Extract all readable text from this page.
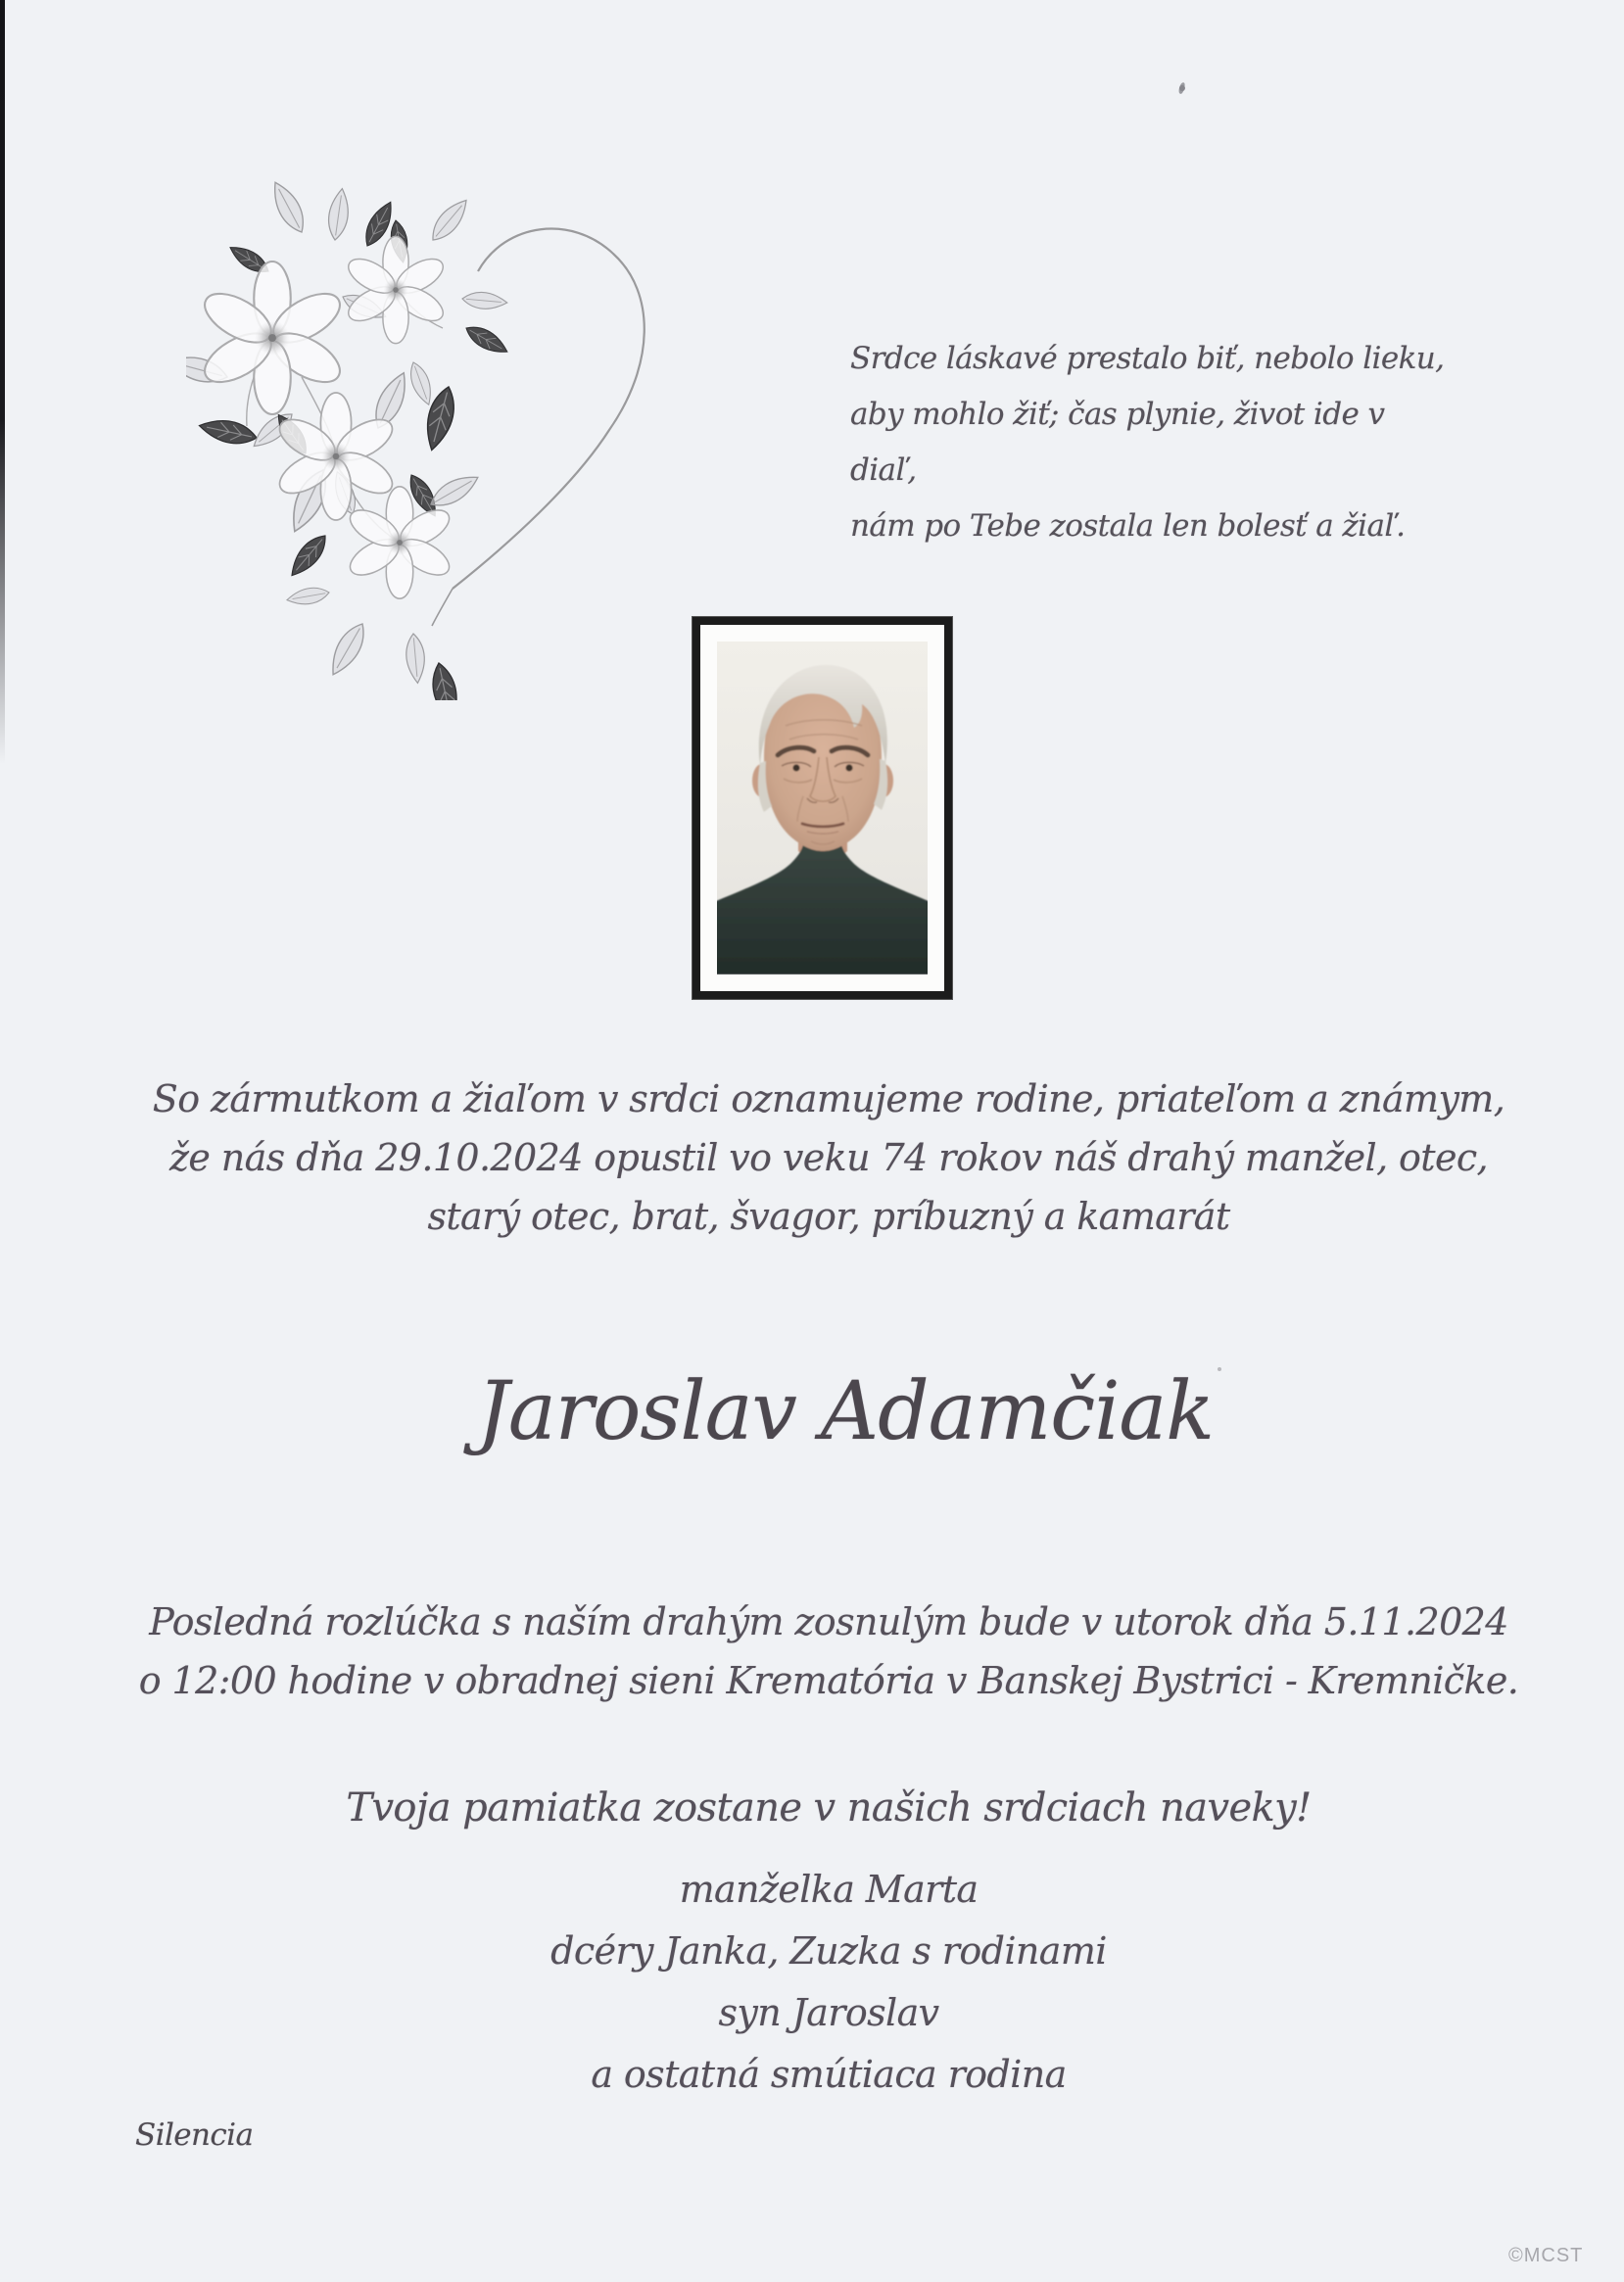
Srdce láskavé prestalo biť, nebolo lieku,
aby mohlo žiť; čas plynie, život ide v diaľ,
nám po Tebe zostala len bolesť a žiaľ.
So zármutkom a žiaľom v srdci oznamujeme rodine, priateľom a známym,
že nás dňa 29.10.2024 opustil vo veku 74 rokov náš drahý manžel, otec,
starý otec, brat, švagor, príbuzný a kamarát
Jaroslav Adamčiak
Posledná rozlúčka s naším drahým zosnulým bude v utorok dňa 5.11.2024
o 12:00 hodine v obradnej sieni Krematória v Banskej Bystrici - Kremničke.
Tvoja pamiatka zostane v našich srdciach naveky!
manželka Marta
dcéry Janka, Zuzka s rodinami
syn Jaroslav
a ostatná smútiaca rodina
Silencia
©MCST
